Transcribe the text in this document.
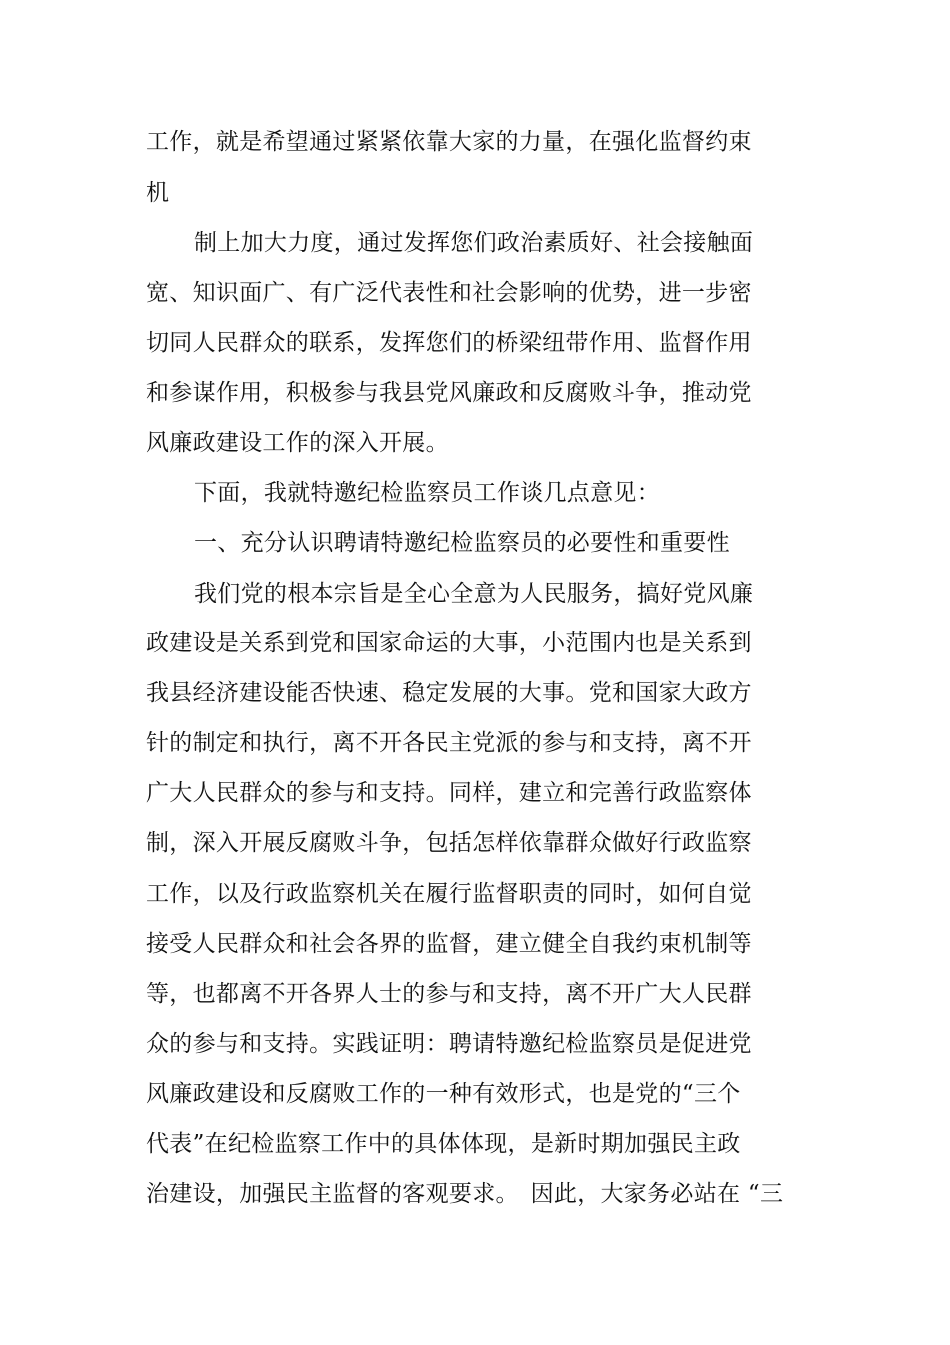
工作，就是希望通过紧紧依靠大家的力量，在强化监督约束
机
制上加大力度，通过发挥您们政治素质好、社会接触面
宽、知识面广、有广泛代表性和社会影响的优势，进一步密
切同人民群众的联系，发挥您们的桥梁纽带作用、监督作用
和参谋作用，积极参与我县党风廉政和反腐败斗争，推动党
风廉政建设工作的深入开展。
下面，我就特邀纪检监察员工作谈几点意见：
一、充分认识聘请特邀纪检监察员的必要性和重要性
我们党的根本宗旨是全心全意为人民服务，搞好党风廉
政建设是关系到党和国家命运的大事，小范围内也是关系到
我县经济建设能否快速、稳定发展的大事。党和国家大政方
针的制定和执行，离不开各民主党派的参与和支持，离不开
广大人民群众的参与和支持。同样，建立和完善行政监察体
制，深入开展反腐败斗争，包括怎样依靠群众做好行政监察
工作，以及行政监察机关在履行监督职责的同时，如何自觉
接受人民群众和社会各界的监督，建立健全自我约束机制等
等，也都离不开各界人士的参与和支持，离不开广大人民群
众的参与和支持。实践证明：聘请特邀纪检监察员是促进党
风廉政建设和反腐败工作的一种有效形式，也是党的“三个
代表”在纪检监察工作中的具体体现，是新时期加强民主政
治建设，加强民主监督的客观要求。　因此，大家务必站在 “三
